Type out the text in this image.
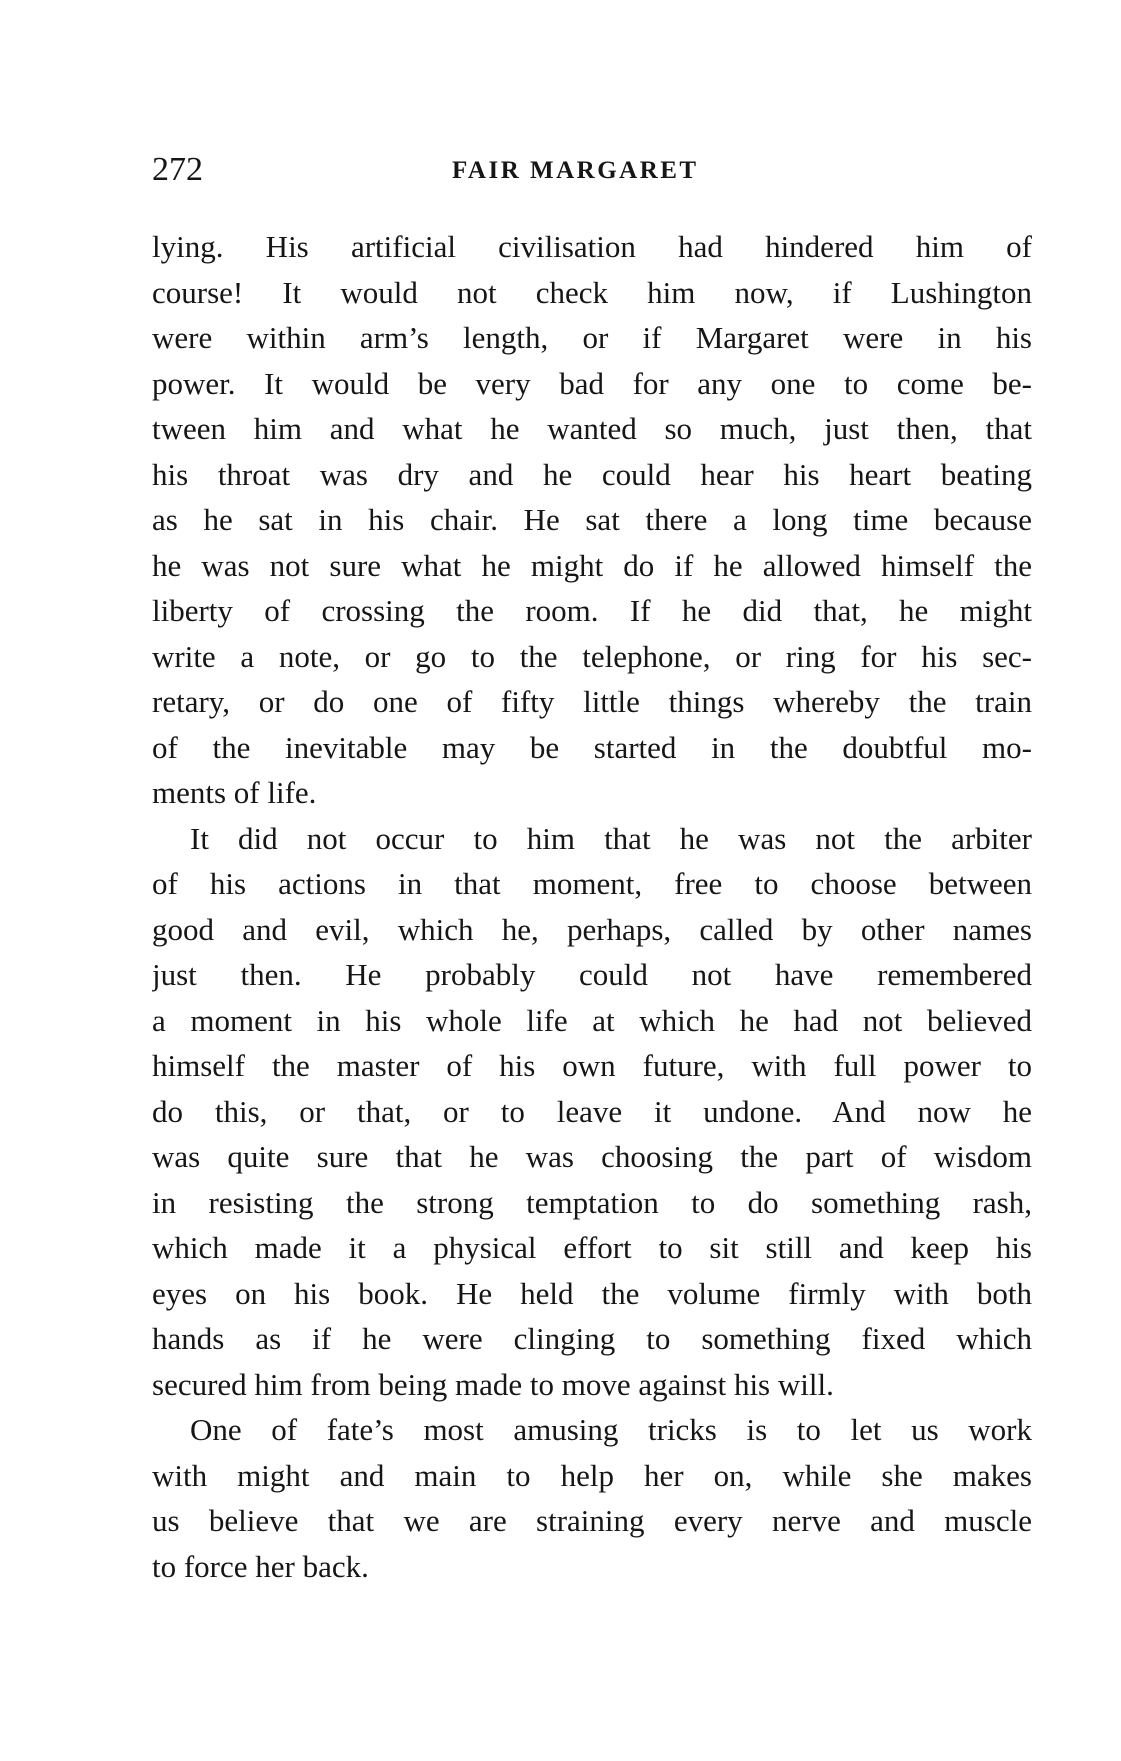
272	FAIR MARGARET
lying. His artificial civilisation had hindered him of
course! It would not check him now, if Lushington
were within arm’s length, or if Margaret were in his
power. It would be very bad for any one to come be-
tween him and what he wanted so much, just then, that
his throat was dry and he could hear his heart beating
as he sat in his chair. He sat there a long time because
he was not sure what he might do if he allowed himself the
liberty of crossing the room. If he did that, he might
write a note, or go to the telephone, or ring for his sec-
retary, or do one of fifty little things whereby the train
of the inevitable may be started in the doubtful mo-
ments of life.
It did not occur to him that he was not the arbiter
of his actions in that moment, free to choose between
good and evil, which he, perhaps, called by other names
just then. He probably could not have remembered
a moment in his whole life at which he had not believed
himself the master of his own future, with full power to
do this, or that, or to leave it undone. And now he
was quite sure that he was choosing the part of wisdom
in resisting the strong temptation to do something rash,
which made it a physical effort to sit still and keep his
eyes on his book. He held the volume firmly with both
hands as if he were clinging to something fixed which
secured him from being made to move against his will.
One of fate’s most amusing tricks is to let us work
with might and main to help her on, while she makes
us believe that we are straining every nerve and muscle
to force her back.
